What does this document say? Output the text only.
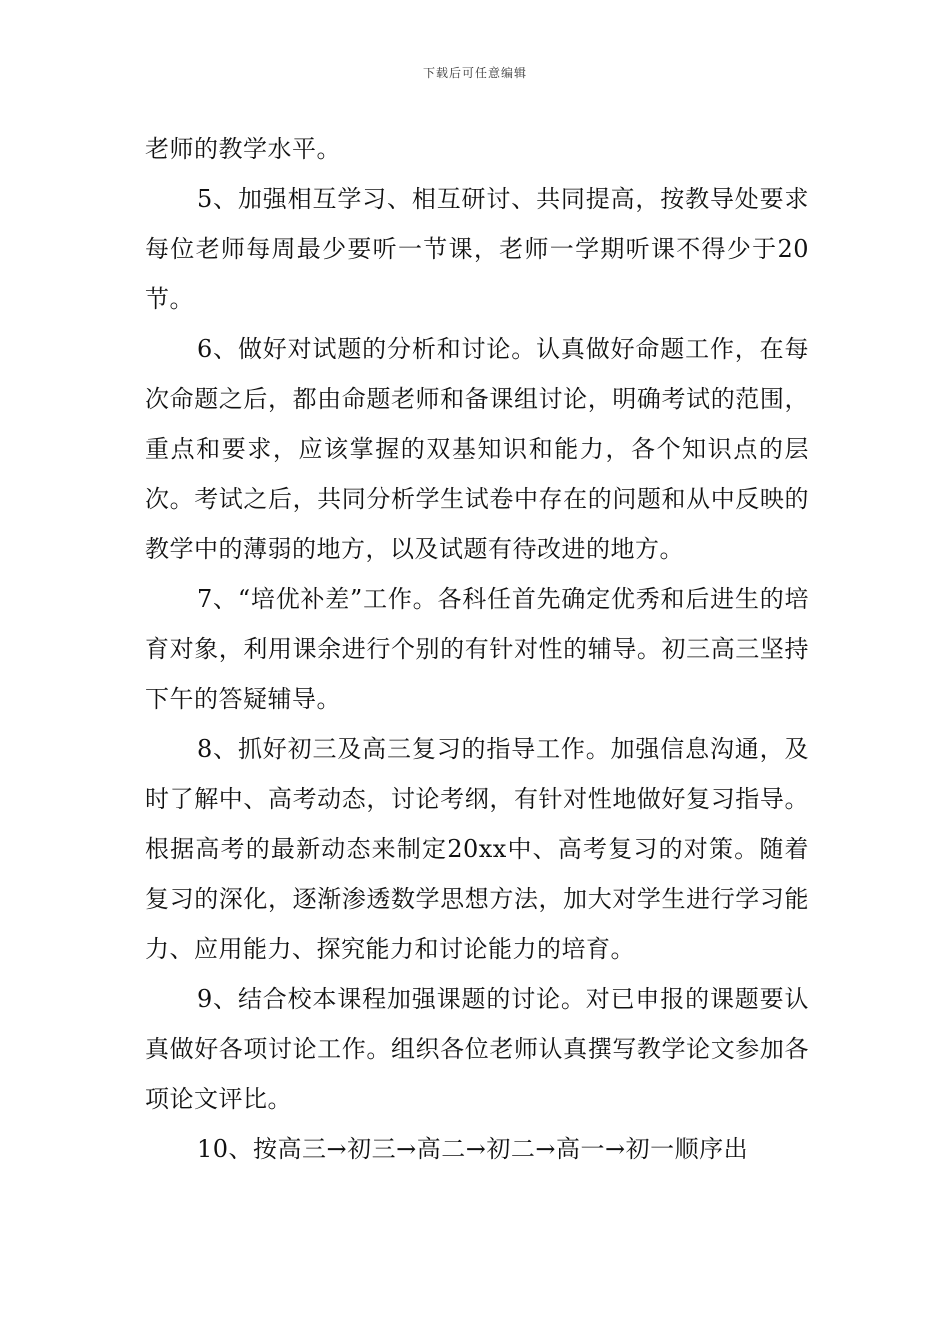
下载后可任意编辑

老师的教学水平。

5、加强相互学习、相互研讨、共同提高，按教导处要求每位老师每周最少要听一节课，老师一学期听课不得少于20节。

6、做好对试题的分析和讨论。认真做好命题工作，在每次命题之后，都由命题老师和备课组讨论，明确考试的范围，重点和要求，应该掌握的双基知识和能力，各个知识点的层次。考试之后，共同分析学生试卷中存在的问题和从中反映的教学中的薄弱的地方，以及试题有待改进的地方。

7、“培优补差”工作。各科任首先确定优秀和后进生的培育对象，利用课余进行个别的有针对性的辅导。初三高三坚持下午的答疑辅导。

8、抓好初三及高三复习的指导工作。加强信息沟通，及时了解中、高考动态，讨论考纲，有针对性地做好复习指导。根据高考的最新动态来制定20xx中、高考复习的对策。随着复习的深化，逐渐渗透数学思想方法，加大对学生进行学习能力、应用能力、探究能力和讨论能力的培育。

9、结合校本课程加强课题的讨论。对已申报的课题要认真做好各项讨论工作。组织各位老师认真撰写教学论文参加各项论文评比。

10、按高三→初三→高二→初二→高一→初一顺序出
